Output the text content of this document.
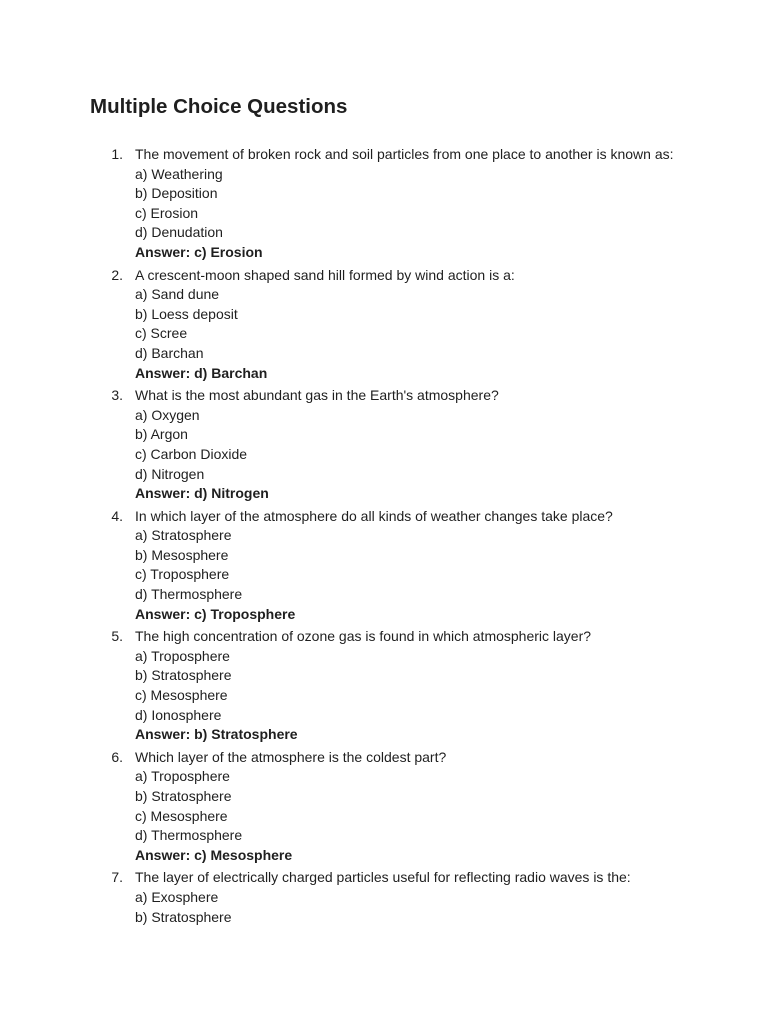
Multiple Choice Questions
1. The movement of broken rock and soil particles from one place to another is known as:
a) Weathering
b) Deposition
c) Erosion
d) Denudation
Answer: c) Erosion
2. A crescent-moon shaped sand hill formed by wind action is a:
a) Sand dune
b) Loess deposit
c) Scree
d) Barchan
Answer: d) Barchan
3. What is the most abundant gas in the Earth's atmosphere?
a) Oxygen
b) Argon
c) Carbon Dioxide
d) Nitrogen
Answer: d) Nitrogen
4. In which layer of the atmosphere do all kinds of weather changes take place?
a) Stratosphere
b) Mesosphere
c) Troposphere
d) Thermosphere
Answer: c) Troposphere
5. The high concentration of ozone gas is found in which atmospheric layer?
a) Troposphere
b) Stratosphere
c) Mesosphere
d) Ionosphere
Answer: b) Stratosphere
6. Which layer of the atmosphere is the coldest part?
a) Troposphere
b) Stratosphere
c) Mesosphere
d) Thermosphere
Answer: c) Mesosphere
7. The layer of electrically charged particles useful for reflecting radio waves is the:
a) Exosphere
b) Stratosphere
